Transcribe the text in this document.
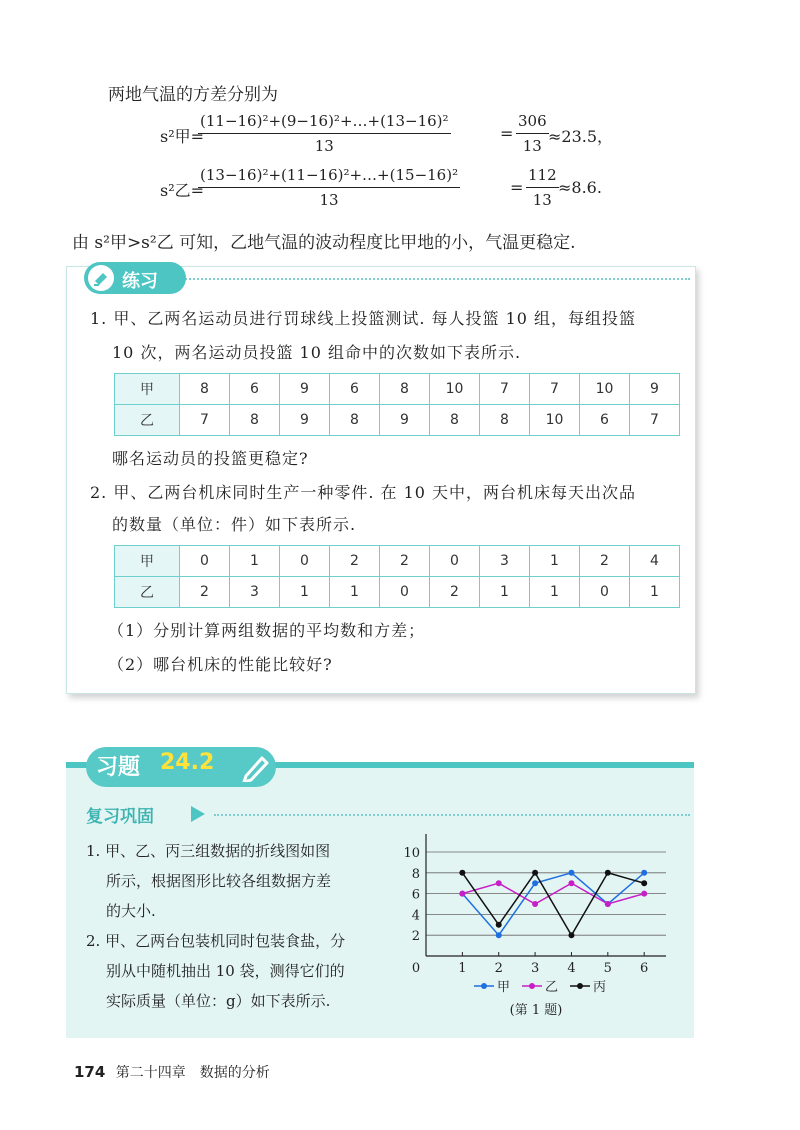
两地气温的方差分别为
s²甲=
$\frac{\text{(11−16)²+(9−16)²+…+(13−16)²}}{13}$	= $\frac{306}{13} \approx 23.5$，
s²乙=
$\frac{\text{(13−16)²+(11−16)²+…+(15−16)²}}{13}$	= $\frac{112}{13} \approx 8.6$.
由 s²甲>s²乙 可知，乙地气温的波动程度比甲地的小，气温更稳定.
练习
1. 甲、乙两名运动员进行罚球线上投篮测试. 每人投篮 10 组，每组投篮
10 次，两名运动员投篮 10 组命中的次数如下表所示.
甲	8	6	9	6	8	10	7	7	10	9
乙	7	8	9	8	9	8	8	10	6	7
哪名运动员的投篮更稳定?
2. 甲、乙两台机床同时生产一种零件. 在 10 天中，两台机床每天出次品
的数量（单位：件）如下表所示.
甲	0	1	0	2	2	0	3	1	2	4
乙	2	3	1	1	0	2	1	1	0	1
（1）分别计算两组数据的平均数和方差；
（2）哪台机床的性能比较好?
习题 24.2
复习巩固
1. 甲、乙、丙三组数据的折线图如图
所示，根据图形比较各组数据方差
的大小.
2. 甲、乙两台包装机同时包装食盐，分
别从中随机抽出 10 袋，测得它们的
实际质量（单位：g）如下表所示.
2
4
6
8
10
0	1 2 3 4 5 6
甲	乙	丙
(第 1 题)
174 第二十四章　数据的分析
